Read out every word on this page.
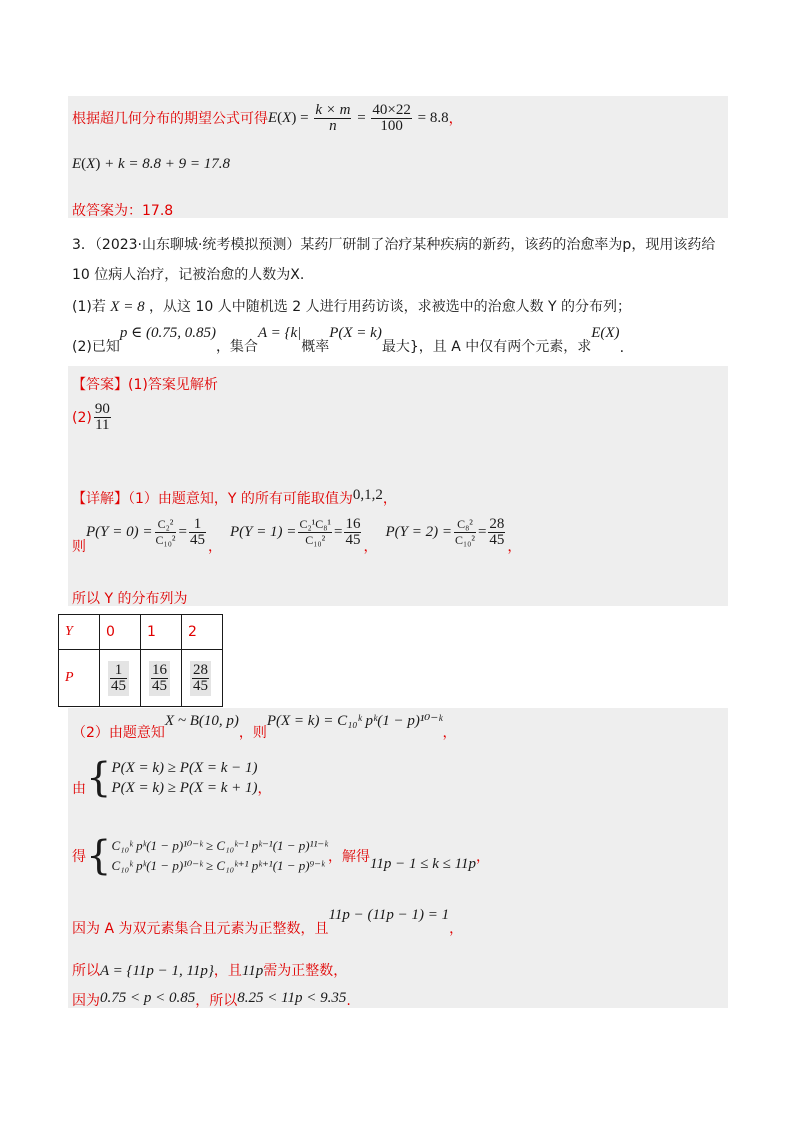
根据超几何分布的期望公式可得 $E(X) = \frac{k \times m}{n} = \frac{40\times 22}{100} = 8.8$ ，
E(X) + k = 8.8 + 9 = 17.8
故答案为：17.8
3．（2023·山东聊城·统考模拟预测）某药厂研制了治疗某种疾病的新药，该药的治愈率为p，现用该药给
10 位病人治疗，记被治愈的人数为X.
(1)若 X = 8 ，从这 10 人中随机选 2 人进行用药访谈，求被选中的治愈人数 Y 的分布列；
(2)已知
p ∈ (0.75, 0.85)
，集合
A = {k|
概率
P(X = k)
最大}，且 A 中仅有两个元素，求
E(X)
.
【答案】(1)答案见解析
$(2) \frac{90}{11}$
【详解】（1）由题意知，Y 的所有可能取值为0,1,2，
则
$P(Y = 0) = \frac{\text{C₂²}}{\text{C₁₀²}} = \frac{1}{45}$ ，
$P(Y = 1) = \frac{\text{C₂¹C₈¹}}{\text{C₁₀²}} = \frac{16}{45}$ ，
$P(Y = 2) = \frac{\text{C₈²}}{\text{C₁₀²}} = \frac{28}{45}$ ，
所以 Y 的分布列为
Y	0	1	2
P	$\frac{1}{45}$	$\frac{16}{45}$	$\frac{28}{45}$
（2）由题意知
X ~ B(10, p)
，则
P(X = k) = C₁₀ᵏ pᵏ(1 − p)¹⁰⁻ᵏ
，
由 { P(X = k) ≥ P(X = k − 1)
P(X = k) ≥ P(X = k + 1) ，
得 { C₁₀ᵏ pᵏ(1 − p)¹⁰⁻ᵏ ≥ C₁₀ᵏ⁻¹ pᵏ⁻¹(1 − p)¹¹⁻ᵏ
C₁₀ᵏ pᵏ(1 − p)¹⁰⁻ᵏ ≥ C₁₀ᵏ⁺¹ pᵏ⁺¹(1 − p)⁹⁻ᵏ
，解得 11p − 1 ≤ k ≤ 11p ，
因为 A 为双元素集合且元素为正整数，且
11p − (11p − 1) = 1
，
所以A = {11p − 1, 11p}，且11p需为正整数，
因为0.75 < p < 0.85，所以8.25 < 11p < 9.35.
